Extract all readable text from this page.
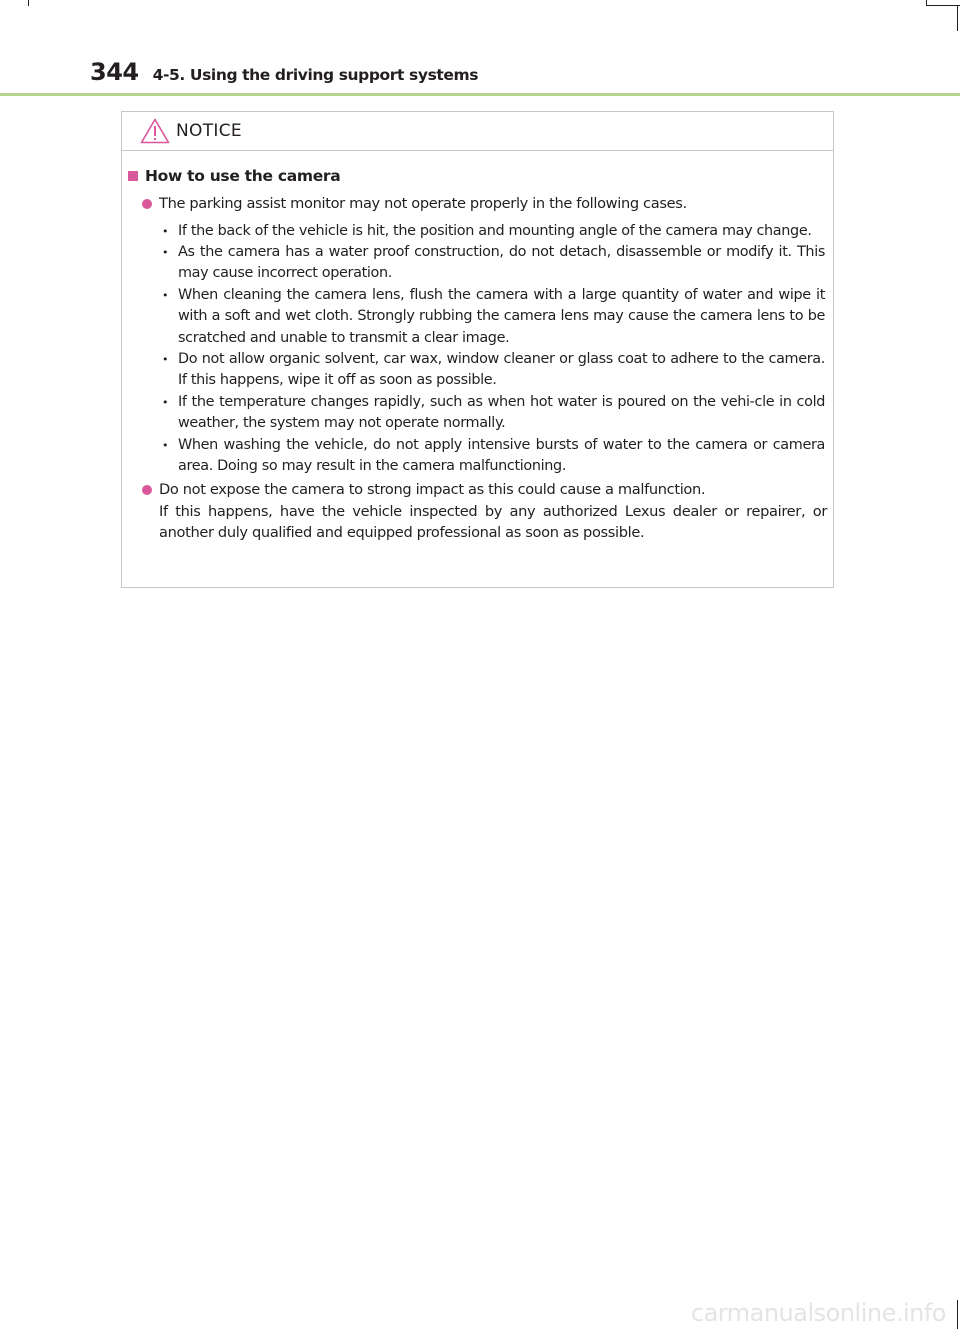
344 4-5. Using the driving support systems
NOTICE
How to use the camera

The parking assist monitor may not operate properly in the following cases.

• If the back of the vehicle is hit, the position and mounting angle of the camera may change.
• As the camera has a water proof construction, do not detach, disassemble or modify it. This may cause incorrect operation.
• When cleaning the camera lens, flush the camera with a large quantity of water and wipe it with a soft and wet cloth. Strongly rubbing the camera lens may cause the camera lens to be scratched and unable to transmit a clear image.
• Do not allow organic solvent, car wax, window cleaner or glass coat to adhere to the camera. If this happens, wipe it off as soon as possible.
• If the temperature changes rapidly, such as when hot water is poured on the vehi-cle in cold weather, the system may not operate normally.
• When washing the vehicle, do not apply intensive bursts of water to the camera or camera area. Doing so may result in the camera malfunctioning.

Do not expose the camera to strong impact as this could cause a malfunction.

If this happens, have the vehicle inspected by any authorized Lexus dealer or repairer, or another duly qualified and equipped professional as soon as possible.

carmanualsonline.info
